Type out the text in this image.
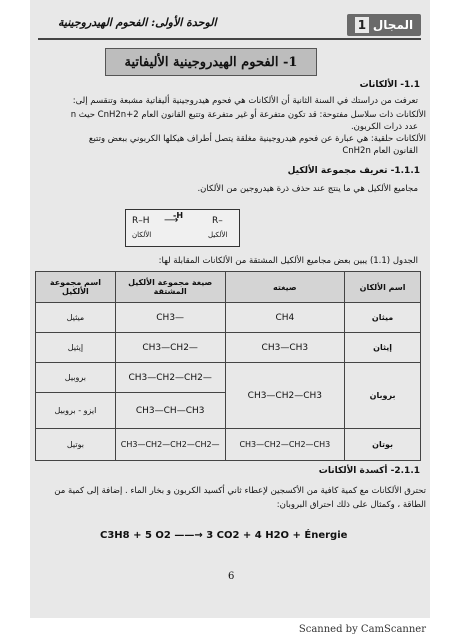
المجال
1
الوحدة الأولى: الفحوم الهيدروجينية
1- الفحوم الهيدروجينية الأليفاتية
1.1- الألكانات
تعرفت من دراستك في السنة الثانية أن الألكانات هي فحوم هيدروجينية أليفاتية مشبعة وتنقسم إلى:
الألكانات ذات سلاسل مفتوحة: قد تكون متفرعة أو غير متفرعة وتتبع القانون العام CnH2n+2 حيث n
عدد ذرات الكربون.
الألكانات حلقية: هي عبارة عن فحوم هيدروجينية مغلقة يتصل أطراف هيكلها الكربوني ببعض وتتبع
القانون العام CnH2n
1.1.1- تعريف مجموعة الألكيل
مجاميع الألكيل هي ما ينتج عند حذف ذرة هيدروجين من الألكان.
R–H
-H
⟶	R–
الألكان	الألكيل
الجدول (1.1) يبين بعض مجاميع الألكيل المشتقة من الألكانات المقابلة لها:
اسم مجموعة الألكيل	صيغة مجموعة الألكيل المشتقة	صيغته	اسم الألكان
ميثيل	CH3—	CH4	ميثان
إيثيل	CH3—CH2—	CH3—CH3	إيثان
بروبيل	CH3—CH2—CH2—	CH3—CH2—CH3	بروبان
ايزو - بروبيل	CH3—CH—CH3		
بوتيل	CH3—CH2—CH2—CH2—	CH3—CH2—CH2—CH3	بوتان
2.1.1- أكسدة الألكانات
تحترق الألكانات مع كمية كافية من الأكسجين لإعطاء ثاني أكسيد الكربون و بخار الماء . إضافة إلى كمية من
الطاقة ، وكمثال على ذلك احتراق البروبان:
C3H8 + 5 O2 ——→ 3 CO2 + 4 H2O + Énergie
6
Scanned by CamScanner
